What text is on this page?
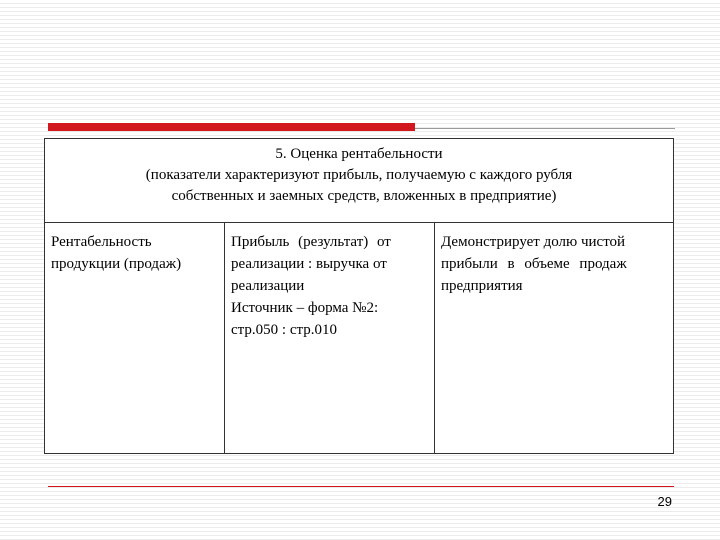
5. Оценка рентабельности
(показатели характеризуют прибыль, получаемую с каждого рубля
собственных и заемных средств, вложенных в предприятие)
Рентабельность
продукции (продаж)
Прибыль (результат) от
реализации : выручка от
реализации
Источник – форма №2:
стр.050 : стр.010
Демонстрирует долю чистой
прибыли в объеме продаж
предприятия
29
